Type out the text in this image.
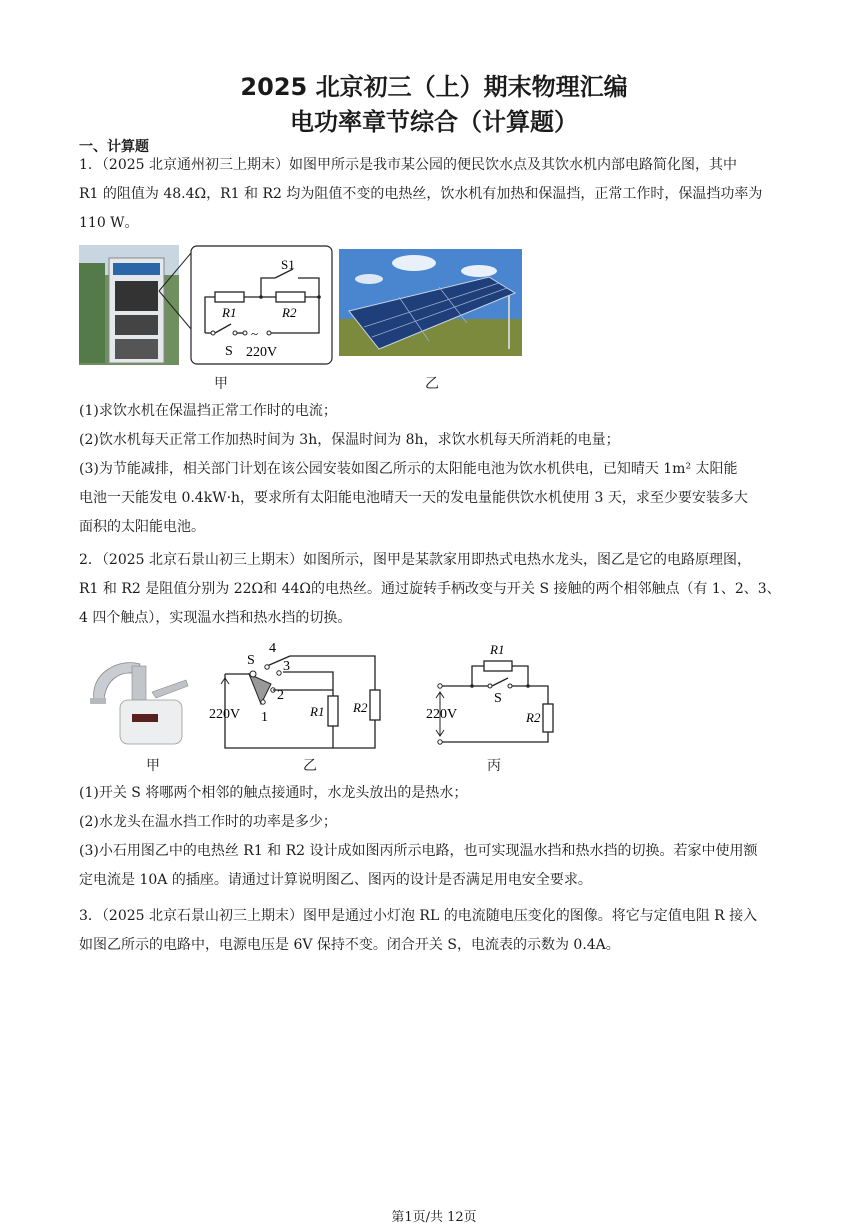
2025 北京初三（上）期末物理汇编
电功率章节综合（计算题）
一、计算题
1．（2025 北京通州初三上期末）如图甲所示是我市某公园的便民饮水点及其饮水机内部电路简化图，其中
R1 的阻值为 48.4Ω，R1 和 R2 均为阻值不变的电热丝，饮水机有加热和保温挡，正常工作时，保温挡功率为
110 W。
S1
R1	R2
S
~
220V
甲	乙
(1)求饮水机在保温挡正常工作时的电流；
(2)饮水机每天正常工作加热时间为 3h，保温时间为 8h，求饮水机每天所消耗的电量；
(3)为节能减排，相关部门计划在该公园安装如图乙所示的太阳能电池为饮水机供电，已知晴天 1m² 太阳能
电池一天能发电 0.4kW·h，要求所有太阳能电池晴天一天的发电量能供饮水机使用 3 天，求至少要安装多大
面积的太阳能电池。
2．（2025 北京石景山初三上期末）如图所示，图甲是某款家用即热式电热水龙头，图乙是它的电路原理图，
R1 和 R2 是阻值分别为 22Ω和 44Ω的电热丝。通过旋转手柄改变与开关 S 接触的两个相邻触点（有 1、2、3、
4 四个触点），实现温水挡和热水挡的切换。
S
4
3
2
1
220V	R1 R2
R1
S
220V	R2
甲	乙	丙
(1)开关 S 将哪两个相邻的触点接通时，水龙头放出的是热水；
(2)水龙头在温水挡工作时的功率是多少；
(3)小石用图乙中的电热丝 R1 和 R2 设计成如图丙所示电路，也可实现温水挡和热水挡的切换。若家中使用额
定电流是 10A 的插座。请通过计算说明图乙、图丙的设计是否满足用电安全要求。
3．（2025 北京石景山初三上期末）图甲是通过小灯泡 RL 的电流随电压变化的图像。将它与定值电阻 R 接入
如图乙所示的电路中，电源电压是 6V 保持不变。闭合开关 S，电流表的示数为 0.4A。
第1页/共 12页
